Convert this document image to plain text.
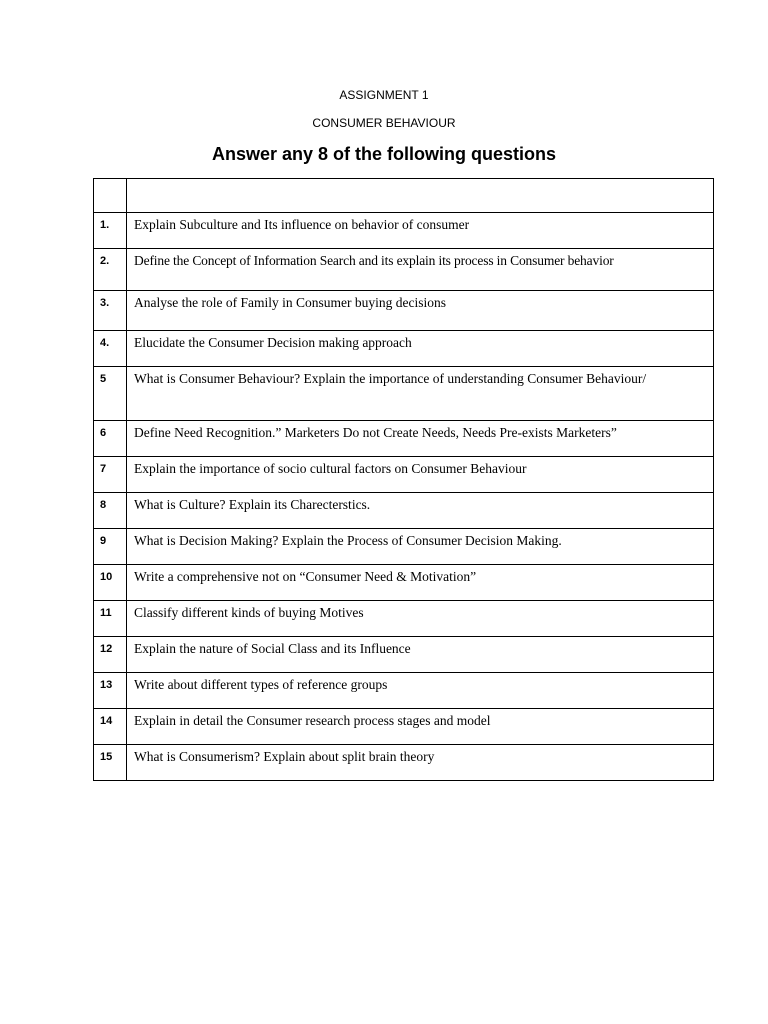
ASSIGNMENT 1
CONSUMER BEHAVIOUR
Answer any 8 of the following questions

1.	Explain Subculture and Its influence on behavior of consumer
2.	Define the Concept of Information Search and its explain its process in Consumer behavior
3.	Analyse the role of Family in Consumer buying decisions
4.	Elucidate the Consumer Decision making approach
5	What is Consumer Behaviour? Explain the importance of understanding Consumer Behaviour/
6	Define Need Recognition.” Marketers Do not Create Needs, Needs Pre-exists Marketers”
7	Explain the importance of socio cultural factors on Consumer Behaviour
8	What is Culture? Explain its Charecterstics.
9	What is Decision Making? Explain the Process of Consumer Decision Making.
10	Write a comprehensive not on “Consumer Need & Motivation”
11	Classify different kinds of buying Motives
12	Explain the nature of Social Class and its Influence
13	Write about different types of reference groups
14	Explain in detail the Consumer research process stages and model
15	What is Consumerism? Explain about split brain theory
